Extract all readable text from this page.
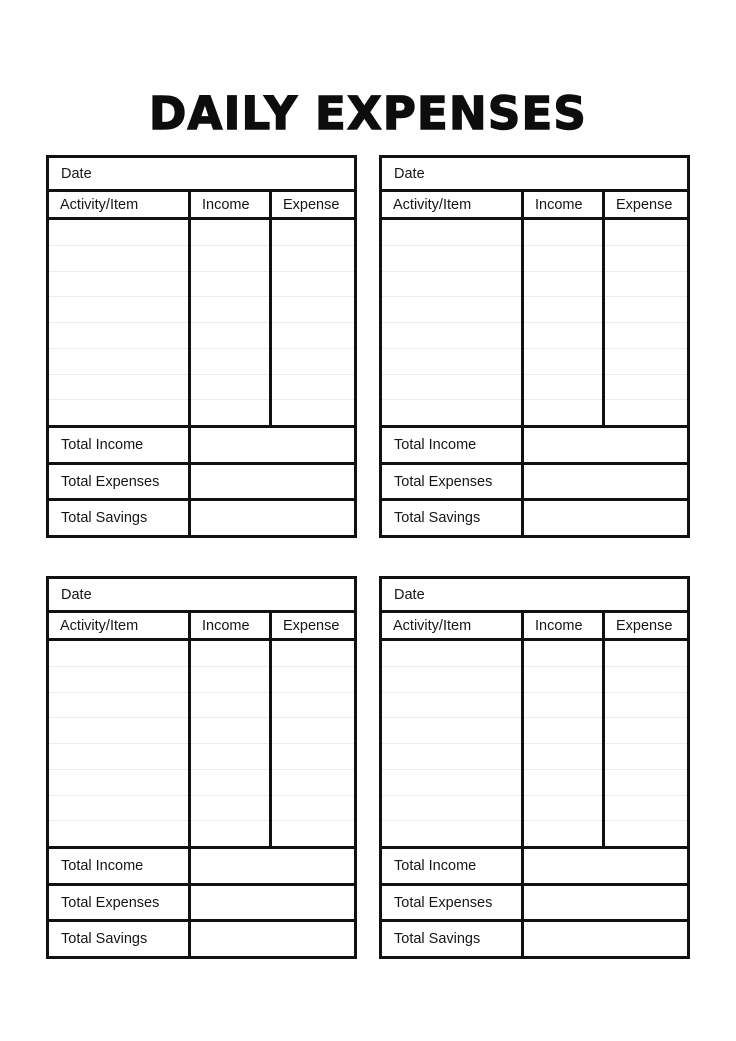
DAILY EXPENSES
Date
Activity/Item	Income	Expense
Total Income
Total Expenses
Total Savings
Date
Activity/Item	Income	Expense
Total Income
Total Expenses
Total Savings
Date
Activity/Item	Income	Expense
Total Income
Total Expenses
Total Savings
Date
Activity/Item	Income	Expense
Total Income
Total Expenses
Total Savings
